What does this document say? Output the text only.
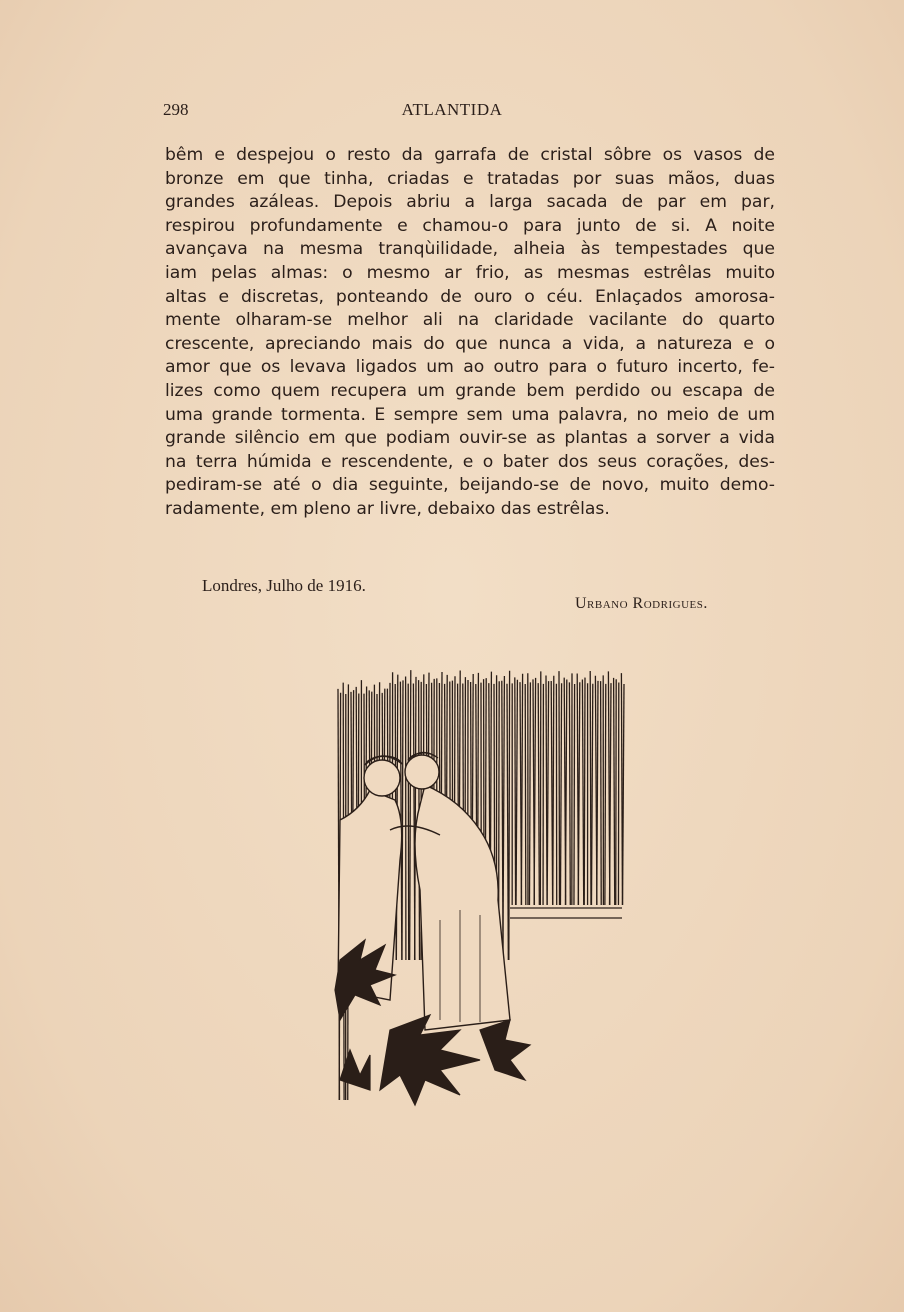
298	ATLANTIDA
bêm e despejou o resto da garrafa de cristal sôbre os vasos de
bronze em que tinha, criadas e tratadas por suas mãos, duas
grandes azáleas. Depois abriu a larga sacada de par em par,
respirou profundamente e chamou-o para junto de si. A noite
avançava na mesma tranqùilidade, alheia às tempestades que
iam pelas almas: o mesmo ar frio, as mesmas estrêlas muito
altas e discretas, ponteando de ouro o céu. Enlaçados amorosa-
mente olharam-se melhor ali na claridade vacilante do quarto
crescente, apreciando mais do que nunca a vida, a natureza e o
amor que os levava ligados um ao outro para o futuro incerto, fe-
lizes como quem recupera um grande bem perdido ou escapa de
uma grande tormenta. E sempre sem uma palavra, no meio de um
grande silêncio em que podiam ouvir-se as plantas a sorver a vida
na terra húmida e rescendente, e o bater dos seus corações, des-
pediram-se até o dia seguinte, beijando-se de novo, muito demo-
radamente, em pleno ar livre, debaixo das estrêlas.
Londres, Julho de 1916.
Urbano Rodrigues.
